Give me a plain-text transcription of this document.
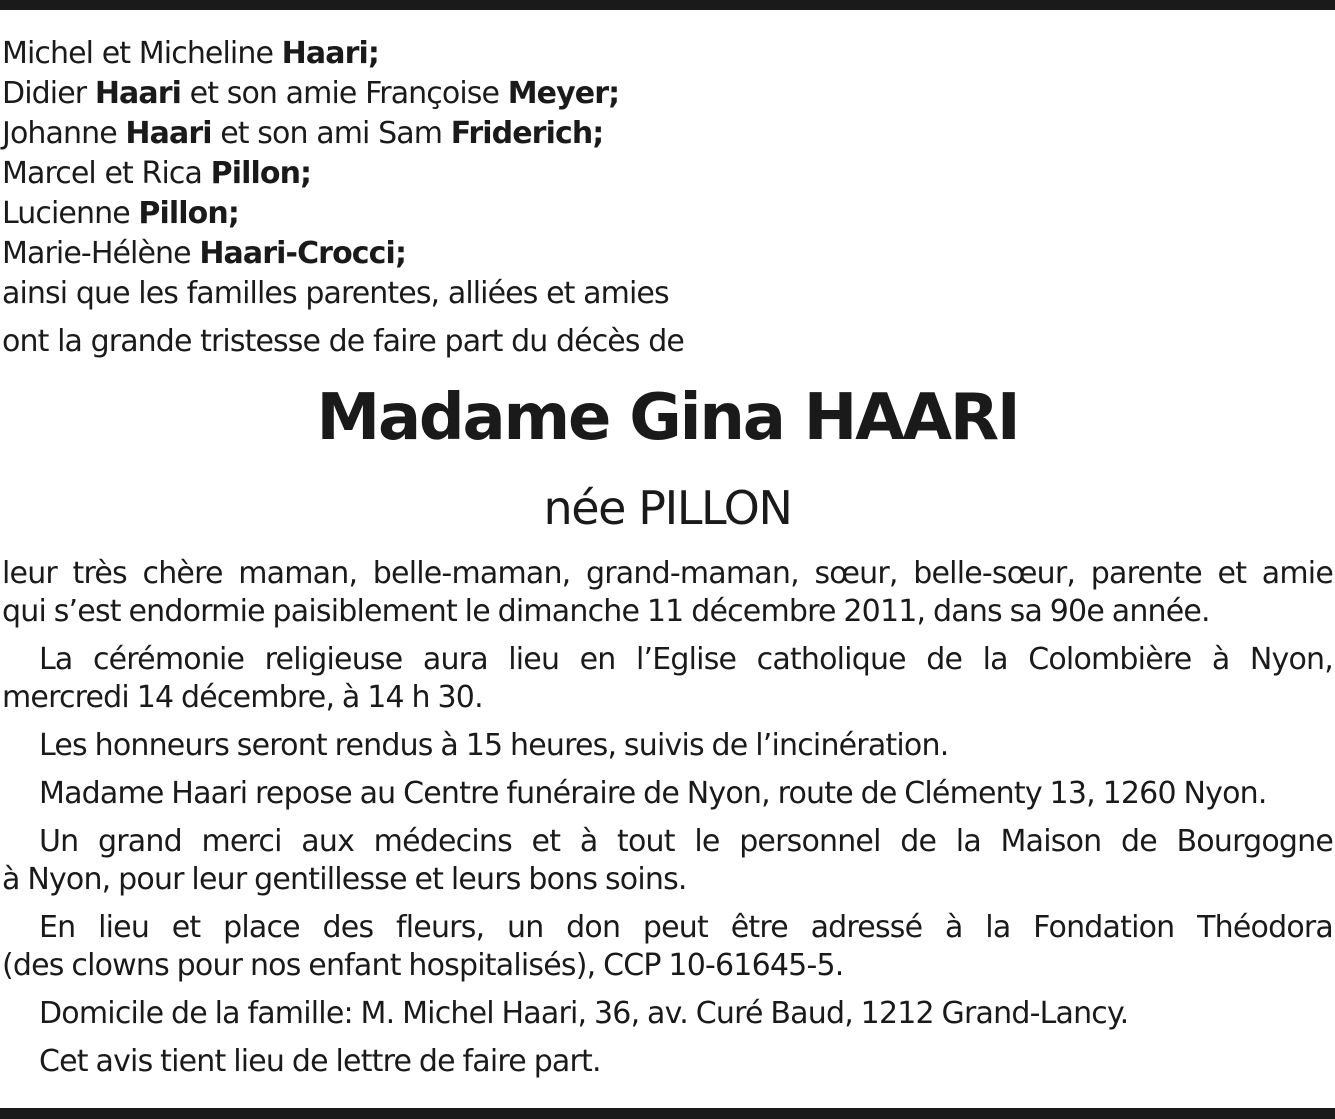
Michel et Micheline Haari;
Didier Haari et son amie Françoise Meyer;
Johanne Haari et son ami Sam Friderich;
Marcel et Rica Pillon;
Lucienne Pillon;
Marie-Hélène Haari-Crocci;
ainsi que les familles parentes, alliées et amies
ont la grande tristesse de faire part du décès de
Madame Gina HAARI
née PILLON
leur très chère maman, belle-maman, grand-maman, sœur, belle-sœur, parente et amie
qui s’est endormie paisiblement le dimanche 11 décembre 2011, dans sa 90e année.
La cérémonie religieuse aura lieu en l’Eglise catholique de la Colombière à Nyon,
mercredi 14 décembre, à 14 h 30.
Les honneurs seront rendus à 15 heures, suivis de l’incinération.
Madame Haari repose au Centre funéraire de Nyon, route de Clémenty 13, 1260 Nyon.
Un grand merci aux médecins et à tout le personnel de la Maison de Bourgogne
à Nyon, pour leur gentillesse et leurs bons soins.
En lieu et place des fleurs, un don peut être adressé à la Fondation Théodora
(des clowns pour nos enfant hospitalisés), CCP 10-61645-5.
Domicile de la famille: M. Michel Haari, 36, av. Curé Baud, 1212 Grand-Lancy.
Cet avis tient lieu de lettre de faire part.
